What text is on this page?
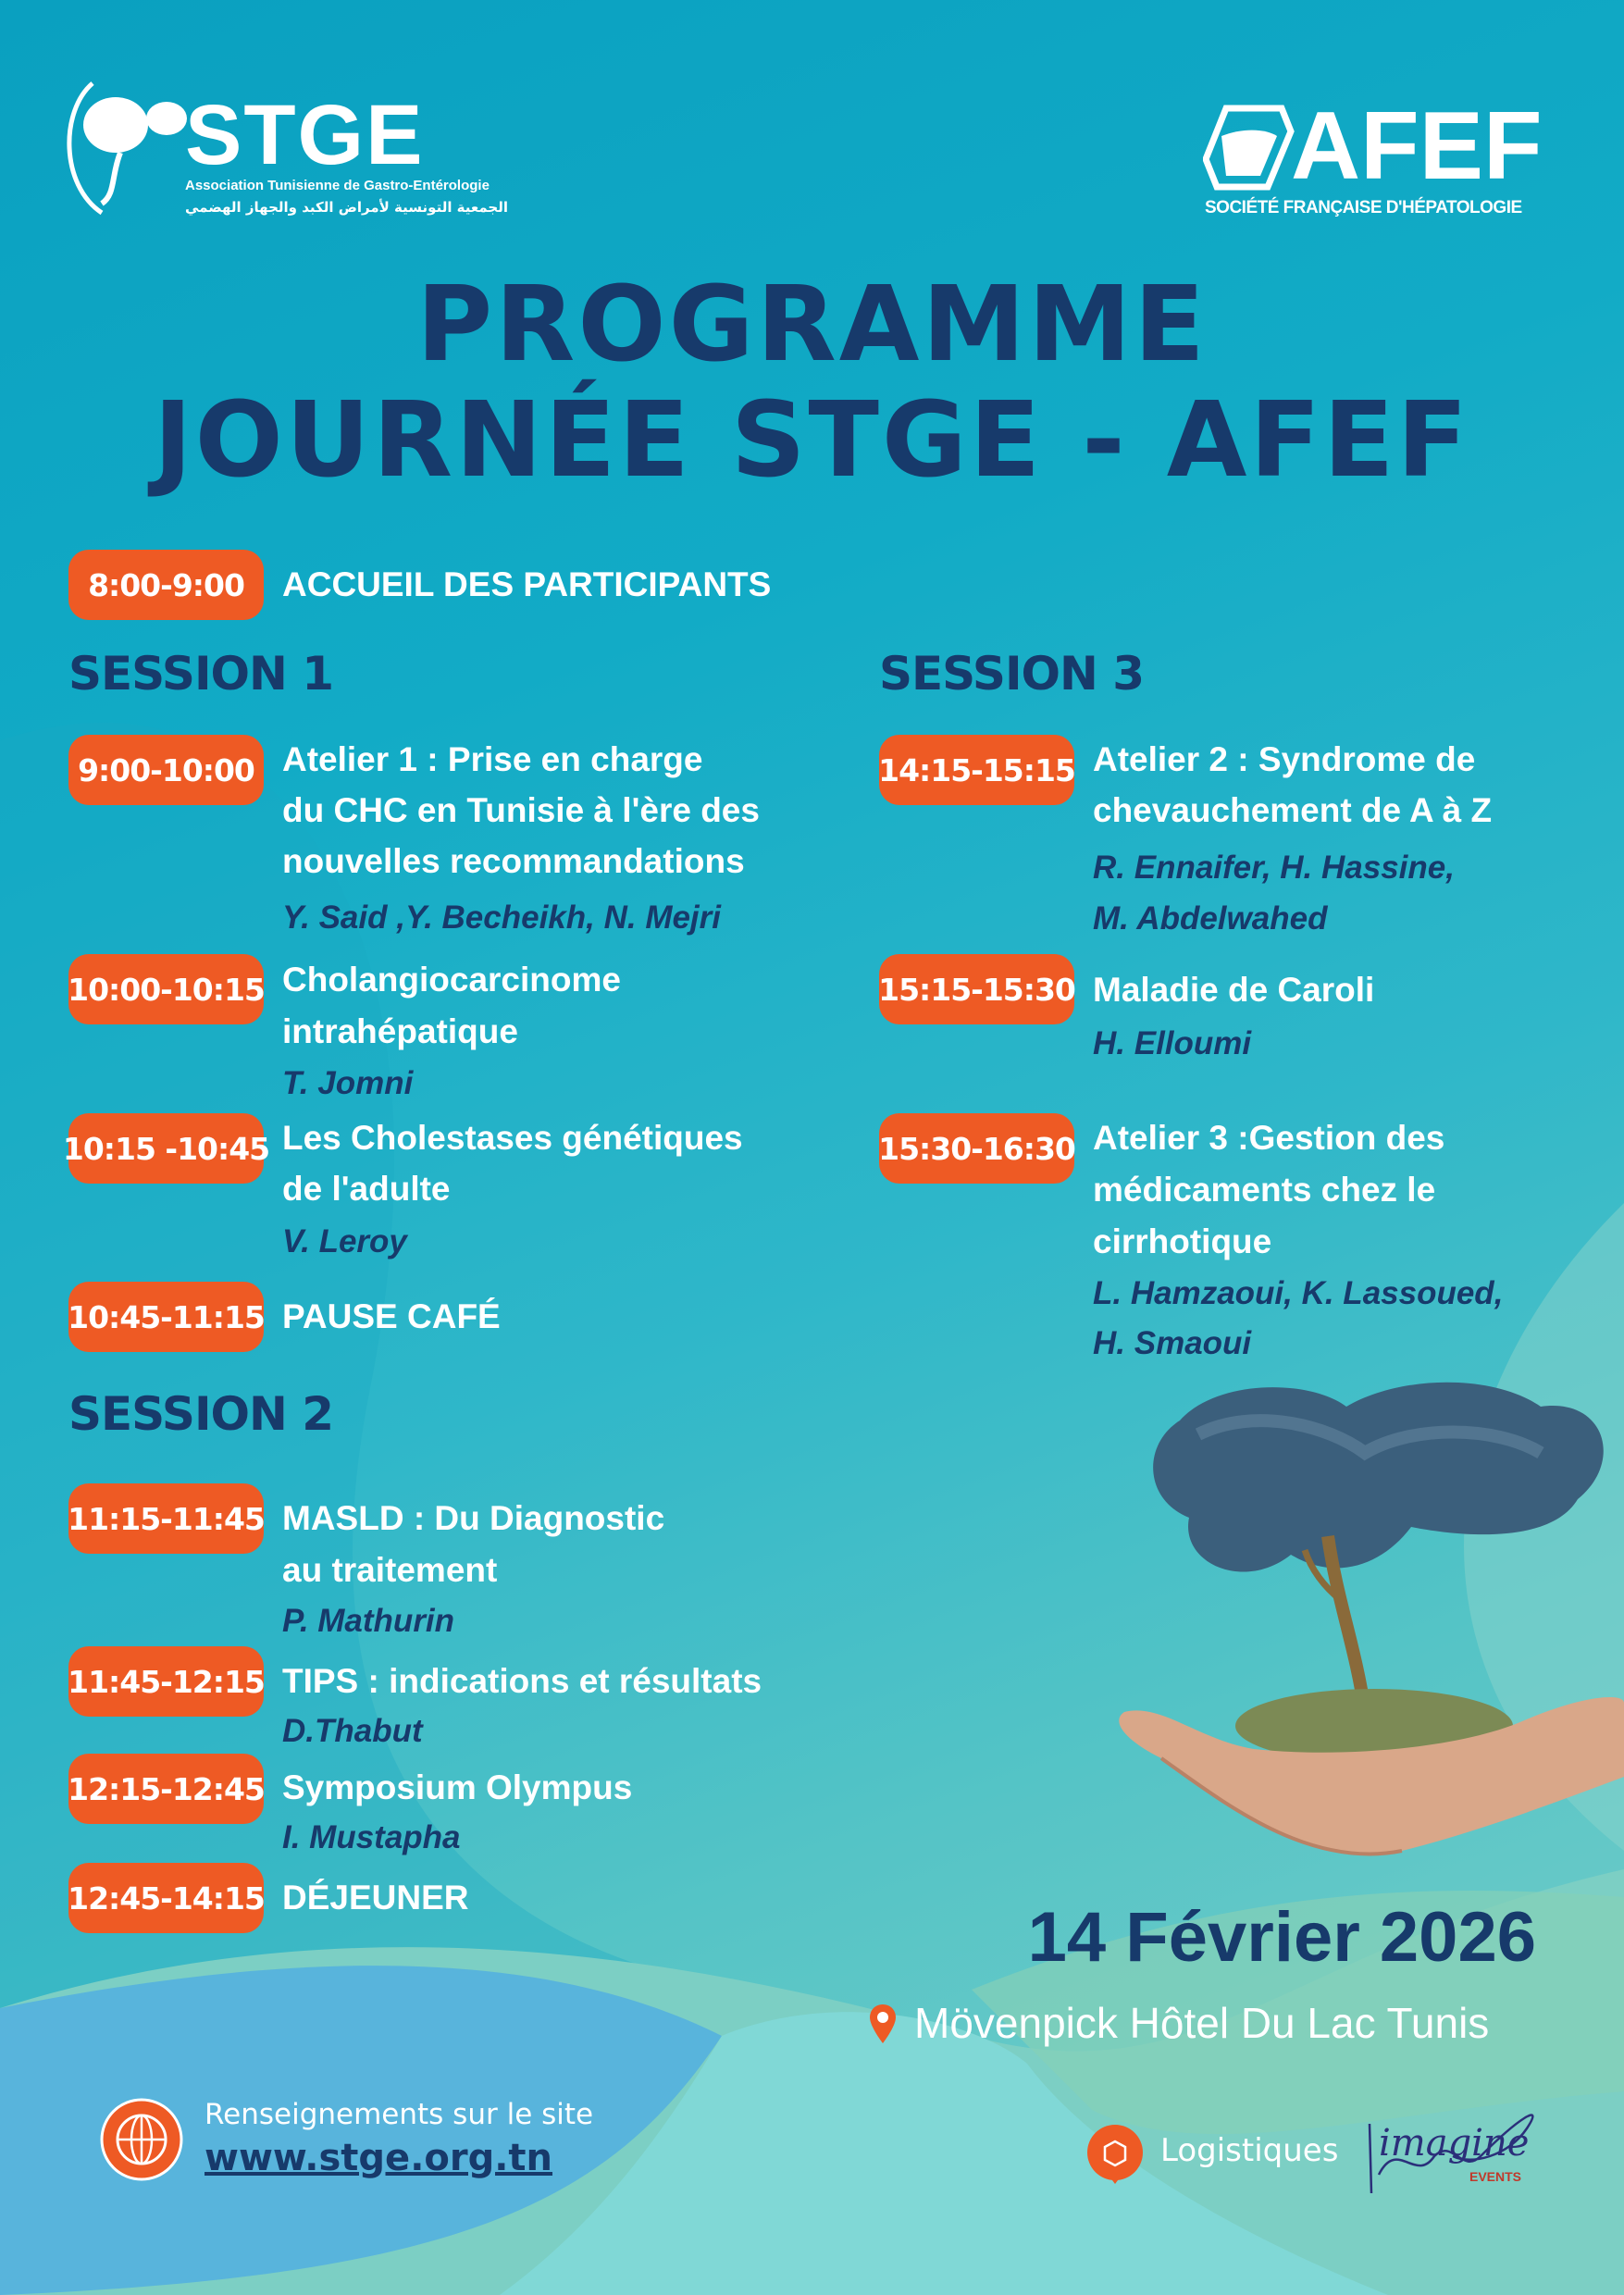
STGE
Association Tunisienne de Gastro-Entérologie
الجمعية التونسية لأمراض الكبد والجهاز الهضمي
AFEF
SOCIÉTÉ FRANÇAISE D'HÉPATOLOGIE
PROGRAMME
JOURNÉE STGE - AFEF
8:00-9:00	ACCUEIL DES PARTICIPANTS
SESSION 1	SESSION 3
SESSION 2
9:00-10:00 Atelier 1 : Prise en charge
du CHC en Tunisie à l'ère des
nouvelles recommandations
Y. Said ,Y. Becheikh, N. Mejri
10:00-10:15 Cholangiocarcinome
intrahépatique
T. Jomni
10:15 -10:45 Les Cholestases génétiques
de l'adulte
V. Leroy
10:45-11:15 PAUSE CAFÉ
11:15-11:45 MASLD : Du Diagnostic
au traitement
P. Mathurin
11:45-12:15 TIPS : indications et résultats
D.Thabut
12:15-12:45 Symposium Olympus
I. Mustapha
12:45-14:15 DÉJEUNER
14:15-15:15 Atelier 2 : Syndrome de
chevauchement de A à Z
R. Ennaifer, H. Hassine,
M. Abdelwahed
15:15-15:30 Maladie de Caroli
H. Elloumi
15:30-16:30 Atelier 3 :Gestion des
médicaments chez le
cirrhotique
L. Hamzaoui, K. Lassoued,
H. Smaoui
14 Février 2026
Mövenpick Hôtel Du Lac Tunis
Renseignements sur le site
www.stge.org.tn	Logistiques imagine
EVENTS
